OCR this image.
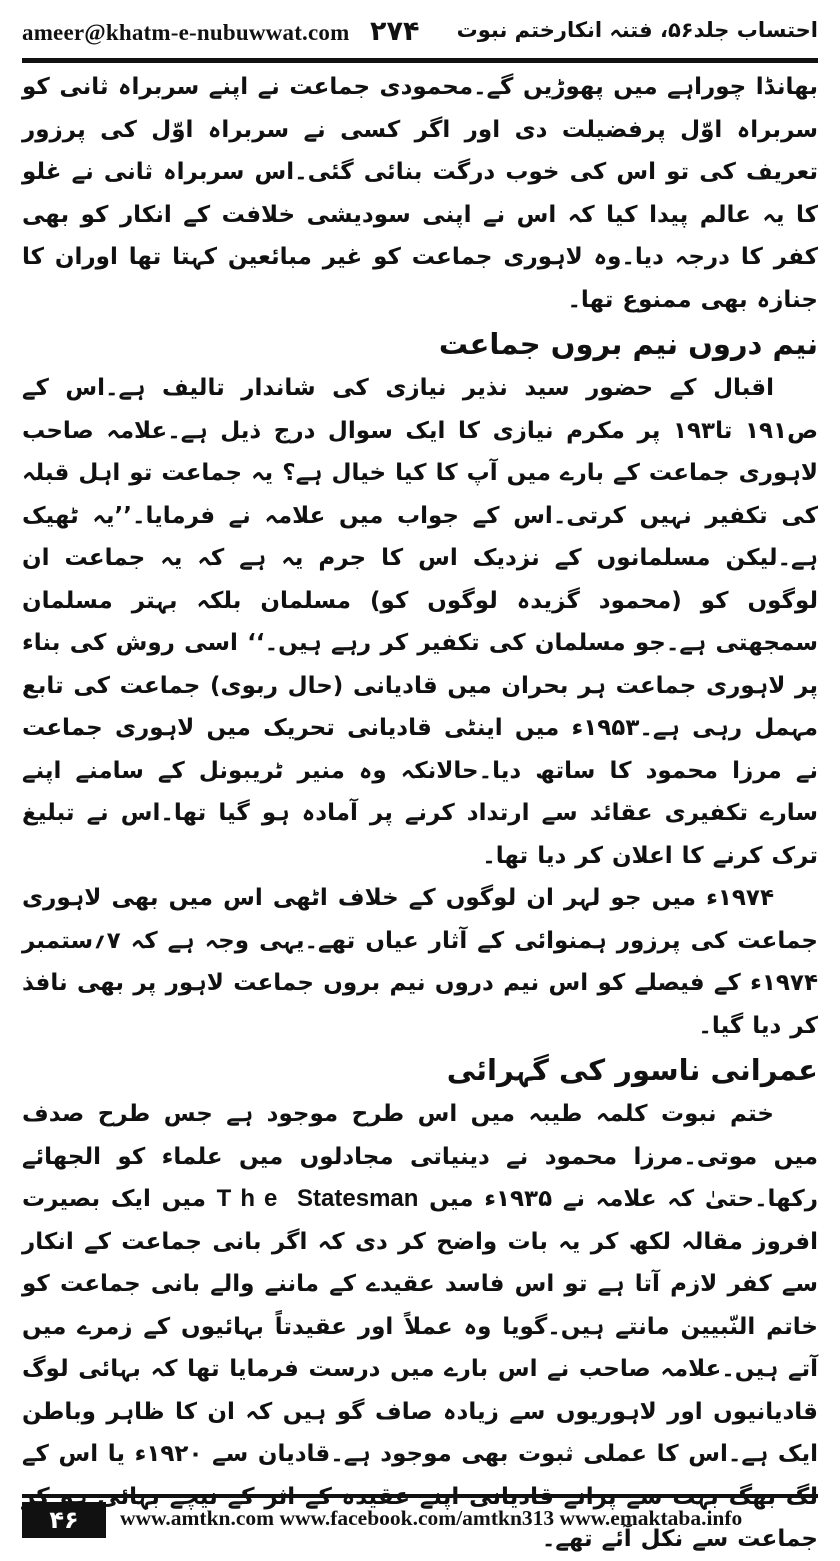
ameer@khatm-e-nubuwwat.com ۲۷۴ احتساب جلد۵۶، فتنہ انکارختم نبوت

بھانڈا چوراہے میں پھوڑیں گے۔محمودی جماعت نے اپنے سربراہ ثانی کو سربراہ اوّل پرفضیلت دی اور اگر کسی نے سربراہ اوّل کی پرزور تعریف کی تو اس کی خوب درگت بنائی گئی۔اس سربراہ ثانی نے غلو کا یہ عالم پیدا کیا کہ اس نے اپنی سودیشی خلافت کے انکار کو بھی کفر کا درجہ دیا۔وہ لاہوری جماعت کو غیر مبائعین کہتا تھا اوران کا جنازہ بھی ممنوع تھا۔

نیم دروں نیم بروں جماعت

اقبال کے حضور سید نذیر نیازی کی شاندار تالیف ہے۔اس کے ص۱۹۱ تا۱۹۳ پر مکرم نیازی کا ایک سوال درج ذیل ہے۔علامہ صاحب لاہوری جماعت کے بارے میں آپ کا کیا خیال ہے؟ یہ جماعت تو اہل قبلہ کی تکفیر نہیں کرتی۔اس کے جواب میں علامہ نے فرمایا۔’’یہ ٹھیک ہے۔لیکن مسلمانوں کے نزدیک اس کا جرم یہ ہے کہ یہ جماعت ان لوگوں کو (محمود گزیدہ لوگوں کو) مسلمان بلکہ بہتر مسلمان سمجھتی ہے۔جو مسلمان کی تکفیر کر رہے ہیں۔‘‘ اسی روش کی بناء پر لاہوری جماعت ہر بحران میں قادیانی (حال ربوی) جماعت کی تابع مہمل رہی ہے۔۱۹۵۳ء میں اینٹی قادیانی تحریک میں لاہوری جماعت نے مرزا محمود کا ساتھ دیا۔حالانکہ وہ منیر ٹریبونل کے سامنے اپنے سارے تکفیری عقائد سے ارتداد کرنے پر آمادہ ہو گیا تھا۔اس نے تبلیغ ترک کرنے کا اعلان کر دیا تھا۔

۱۹۷۴ء میں جو لہر ان لوگوں کے خلاف اٹھی اس میں بھی لاہوری جماعت کی پرزور ہمنوائی کے آثار عیاں تھے۔یہی وجہ ہے کہ ۷؍ستمبر ۱۹۷۴ء کے فیصلے کو اس نیم دروں نیم بروں جماعت لاہور پر بھی نافذ کر دیا گیا۔

عمرانی ناسور کی گہرائی

ختم نبوت کلمہ طیبہ میں اس طرح موجود ہے جس طرح صدف میں موتی۔مرزا محمود نے دینیاتی مجادلوں میں علماء کو الجھائے رکھا۔حتیٰ کہ علامہ نے ۱۹۳۵ء میں The Statesman میں ایک بصیرت افروز مقالہ لکھ کر یہ بات واضح کر دی کہ اگر بانی جماعت کے انکار سے کفر لازم آتا ہے تو اس فاسد عقیدے کے ماننے والے بانی جماعت کو خاتم النّبیین مانتے ہیں۔گویا وہ عملاً اور عقیدتاً بہائیوں کے زمرے میں آتے ہیں۔علامہ صاحب نے اس بارے میں درست فرمایا تھا کہ بہائی لوگ قادیانیوں اور لاہوریوں سے زیادہ صاف گو ہیں کہ ان کا ظاہر وباطن ایک ہے۔اس کا عملی ثبوت بھی موجود ہے۔قادیان سے ۱۹۲۰ء یا اس کے جماعت سے نکل آئے تھے۔

۴۶	www.amtkn.com www.facebook.com/amtkn313 www.emaktaba.info
